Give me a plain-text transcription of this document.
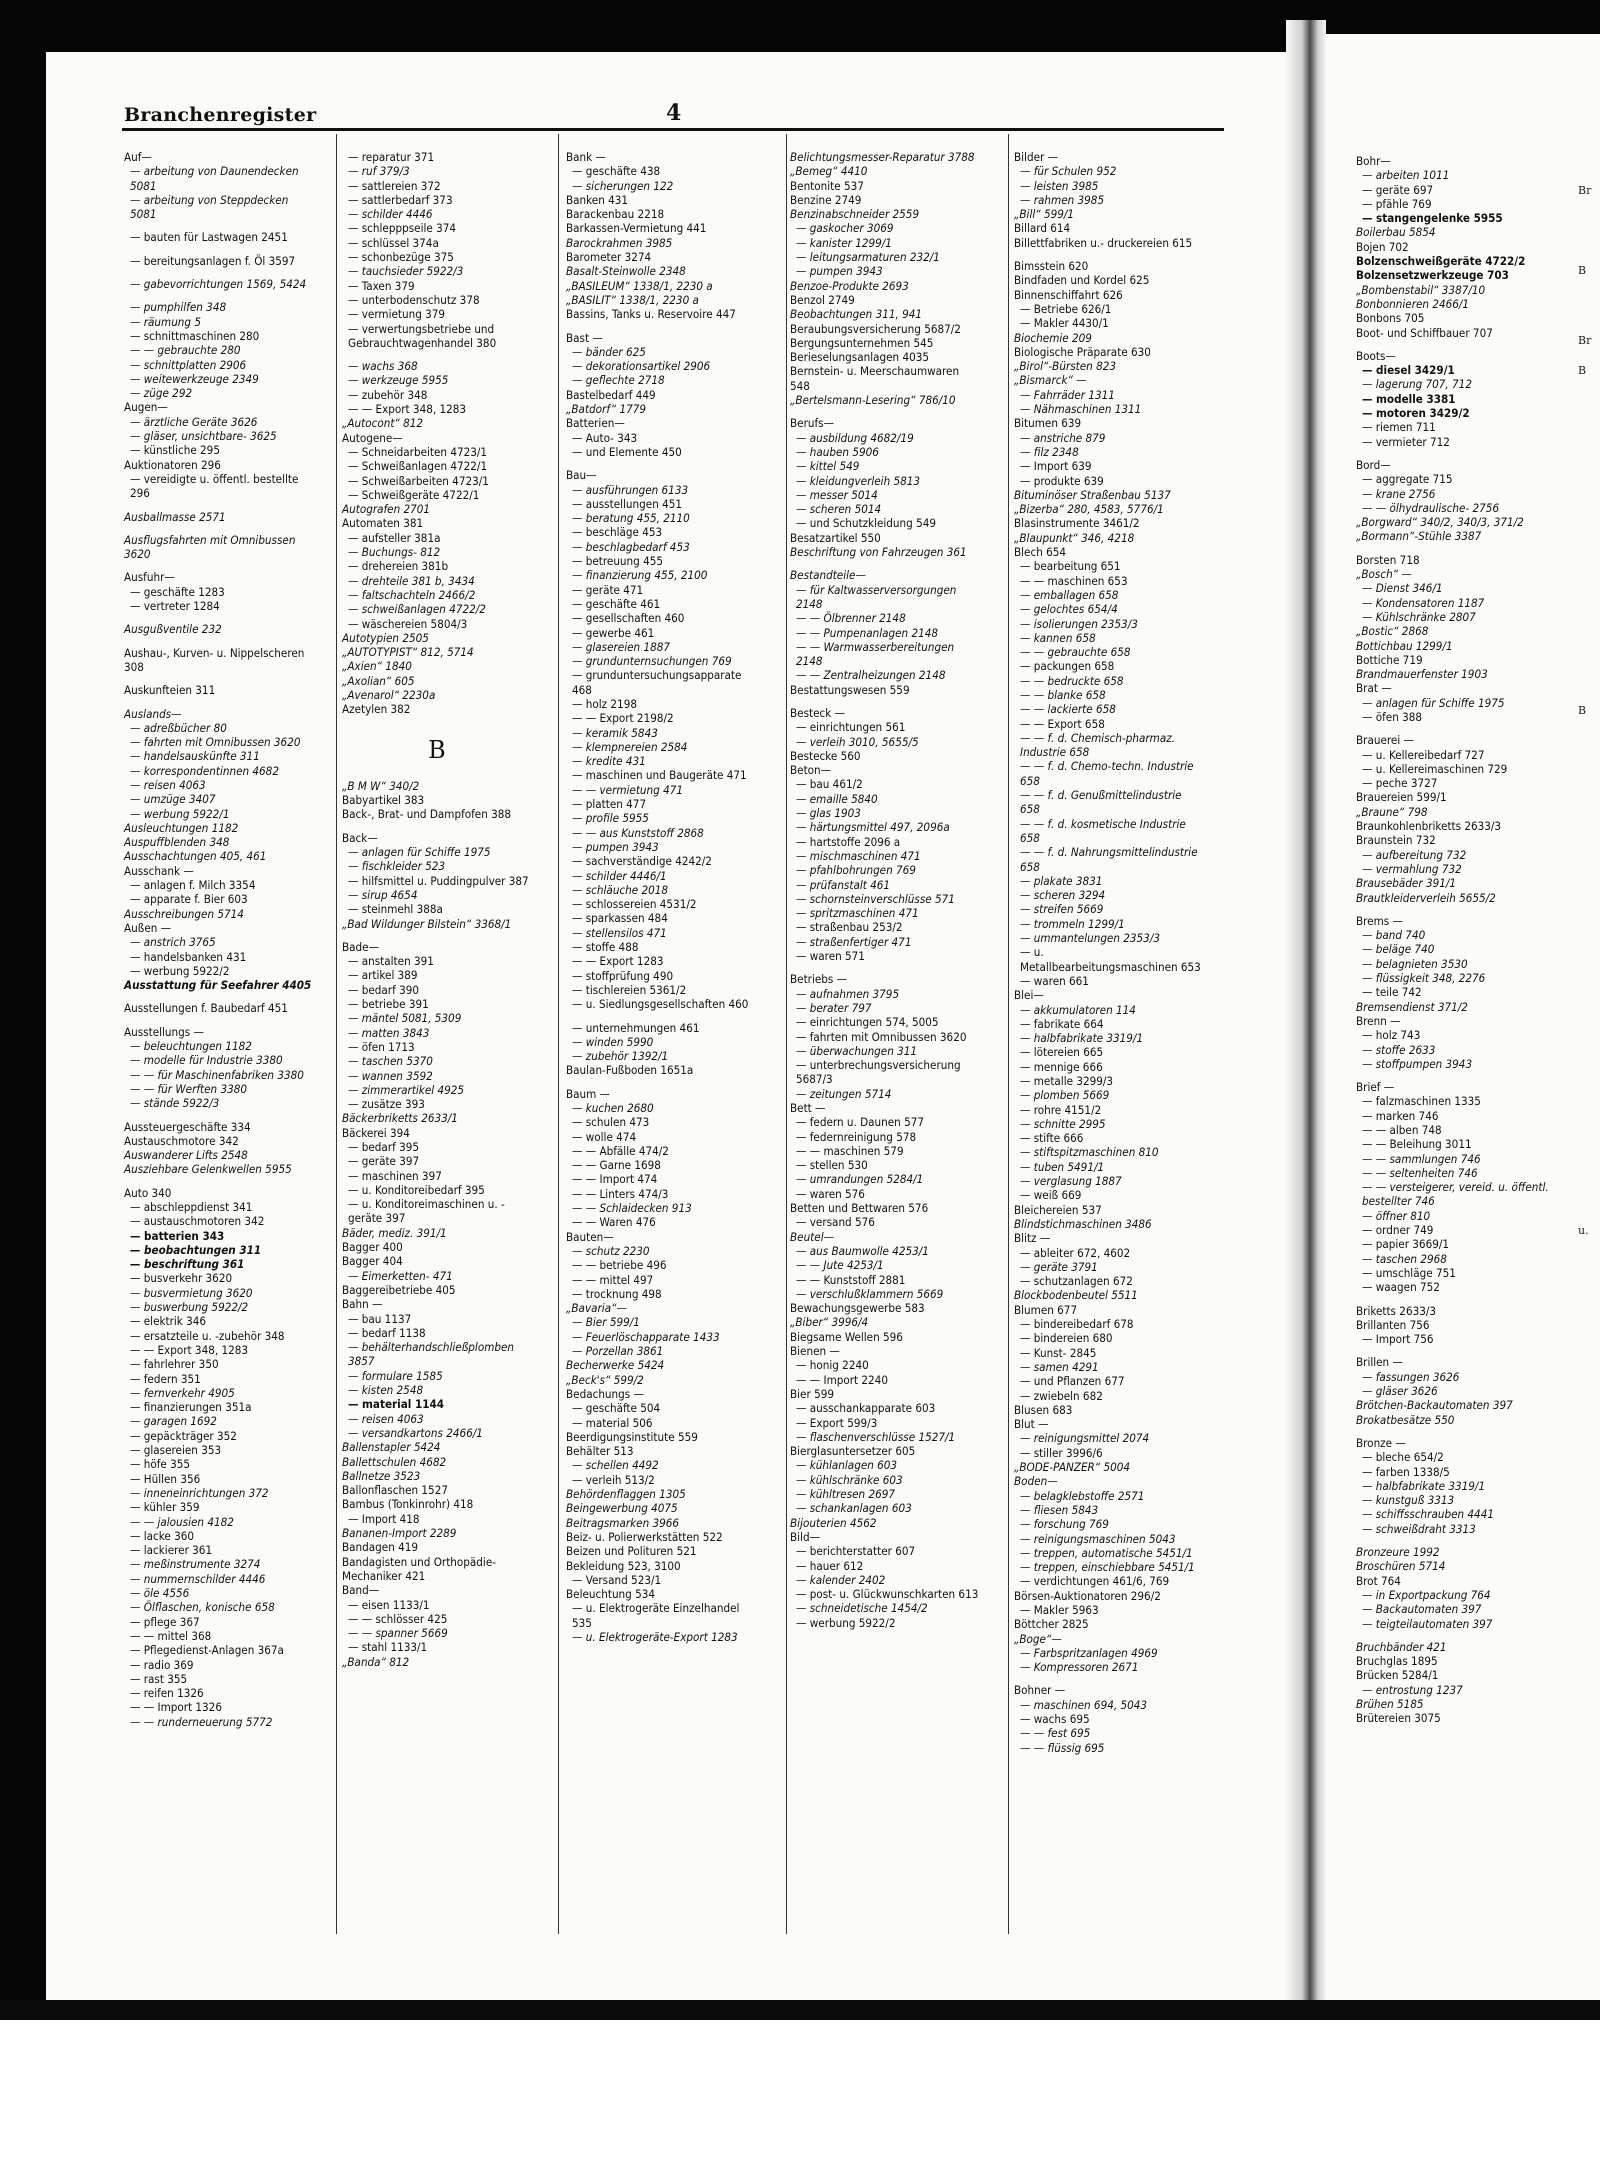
Bohr—
— arbeiten 1011
— geräte 697
— pfähle 769
— stangengelenke 5955
Boilerbau 5854
Bojen 702
Bolzenschweißgeräte 4722/2
Bolzensetzwerkzeuge 703
„Bombenstabil“ 3387/10
Bonbonnieren 2466/1
Bonbons 705
Boot- und Schiffbauer 707
Boots—
— diesel 3429/1
— lagerung 707, 712
— modelle 3381
— motoren 3429/2
— riemen 711
— vermieter 712
Bord—
— aggregate 715
— krane 2756
— — ölhydraulische- 2756
„Borgward“ 340/2, 340/3, 371/2
„Bormann“-Stühle 3387
Borsten 718
„Bosch“ —
— Dienst 346/1
— Kondensatoren 1187
— Kühlschränke 2807
„Bostic“ 2868
Bottichbau 1299/1
Bottiche 719
Brandmauerfenster 1903
Brat —
— anlagen für Schiffe 1975
— öfen 388
Brauerei —
— u. Kellereibedarf 727
— u. Kellereimaschinen 729
— peche 3727
Brauereien 599/1
„Braune“ 798
Braunkohlenbriketts 2633/3
Braunstein 732
— aufbereitung 732
— vermahlung 732
Brausebäder 391/1
Brautkleiderverleih 5655/2
Brems —
— band 740
— beläge 740
— belagnieten 3530
— flüssigkeit 348, 2276
— teile 742
Bremsendienst 371/2
Brenn —
— holz 743
— stoffe 2633
— stoffpumpen 3943
Brief —
— falzmaschinen 1335
— marken 746
— — alben 748
— — Beleihung 3011
— — sammlungen 746
— — seltenheiten 746
— — versteigerer, vereid. u. öffentl. bestellter 746
— öffner 810
— ordner 749
— papier 3669/1
— taschen 2968
— umschläge 751
— waagen 752
Briketts 2633/3
Brillanten 756
— Import 756
Brillen —
— fassungen 3626
— gläser 3626
Brötchen-Backautomaten 397
Brokatbesätze 550
Bronze —
— bleche 654/2
— farben 1338/5
— halbfabrikate 3319/1
— kunstguß 3313
— schiffsschrauben 4441
— schweißdraht 3313
Bronzeure 1992
Broschüren 5714
Brot 764
— in Exportpackung 764
— Backautomaten 397
— teigteilautomaten 397
Bruchbänder 421
Bruchglas 1895
Brücken 5284/1
— entrostung 1237
Brühen 5185
Brütereien 3075
Br
B
Br
B
B
u.
Branchenregister	4
Auf—
— arbeitung von Daunendecken 5081
— arbeitung von Steppdecken 5081
— bauten für Lastwagen 2451
— bereitungsanlagen f. Öl 3597
— gabevorrichtungen 1569, 5424
— pumphilfen 348
— räumung 5
— schnittmaschinen 280
— — gebrauchte 280
— schnittplatten 2906
— weitewerkzeuge 2349
— züge 292
Augen—
— ärztliche Geräte 3626
— gläser, unsichtbare- 3625
— künstliche 295
Auktionatoren 296
— vereidigte u. öffentl. bestellte 296
Ausballmasse 2571
Ausflugsfahrten mit Omnibussen 3620
Ausfuhr—
— geschäfte 1283
— vertreter 1284
Ausgußventile 232
Aushau-, Kurven- u. Nippelscheren 308
Auskunfteien 311
Auslands—
— adreßbücher 80
— fahrten mit Omnibussen 3620
— handelsauskünfte 311
— korrespondentinnen 4682
— reisen 4063
— umzüge 3407
— werbung 5922/1
Ausleuchtungen 1182
Auspuffblenden 348
Ausschachtungen 405, 461
Ausschank —
— anlagen f. Milch 3354
— apparate f. Bier 603
Ausschreibungen 5714
Außen —
— anstrich 3765
— handelsbanken 431
— werbung 5922/2
Ausstattung für Seefahrer 4405
Ausstellungen f. Baubedarf 451
Ausstellungs —
— beleuchtungen 1182
— modelle für Industrie 3380
— — für Maschinenfabriken 3380
— — für Werften 3380
— stände 5922/3
Aussteuergeschäfte 334
Austauschmotore 342
Auswanderer Lifts 2548
Ausziehbare Gelenkwellen 5955
Auto 340
— abschleppdienst 341
— austauschmotoren 342
— batterien 343
— beobachtungen 311
— beschriftung 361
— busverkehr 3620
— busvermietung 3620
— buswerbung 5922/2
— elektrik 346
— ersatzteile u. -zubehör 348
— — Export 348, 1283
— fahrlehrer 350
— federn 351
— fernverkehr 4905
— finanzierungen 351a
— garagen 1692
— gepäckträger 352
— glasereien 353
— höfe 355
— Hüllen 356
— inneneinrichtungen 372
— kühler 359
— — jalousien 4182
— lacke 360
— lackierer 361
— meßinstrumente 3274
— nummernschilder 4446
— öle 4556
— Ölflaschen, konische 658
— pflege 367
— — mittel 368
— Pflegedienst-Anlagen 367a
— radio 369
— rast 355
— reifen 1326
— — Import 1326
— — runderneuerung 5772
— reparatur 371
— ruf 379/3
— sattlereien 372
— sattlerbedarf 373
— schilder 4446
— schlepppseile 374
— schlüssel 374a
— schonbezüge 375
— tauchsieder 5922/3
— Taxen 379
— unterbodenschutz 378
— vermietung 379
— verwertungsbetriebe und Gebrauchtwagenhandel 380
— wachs 368
— werkzeuge 5955
— zubehör 348
— — Export 348, 1283
„Autocont“ 812
Autogene—
— Schneidarbeiten 4723/1
— Schweißanlagen 4722/1
— Schweißarbeiten 4723/1
— Schweißgeräte 4722/1
Autografen 2701
Automaten 381
— aufsteller 381a
— Buchungs- 812
— drehereien 381b
— drehteile 381 b, 3434
— faltschachteln 2466/2
— schweißanlagen 4722/2
— wäschereien 5804/3
Autotypien 2505
„AUTOTYPIST“ 812, 5714
„Axien“ 1840
„Axolian“ 605
„Avenarol“ 2230a
Azetylen 382
B
„B M W“ 340/2
Babyartikel 383
Back-, Brat- und Dampfofen 388
Back—
— anlagen für Schiffe 1975
— fischkleider 523
— hilfsmittel u. Puddingpulver 387
— sirup 4654
— steinmehl 388a
„Bad Wildunger Bilstein“ 3368/1
Bade—
— anstalten 391
— artikel 389
— bedarf 390
— betriebe 391
— mäntel 5081, 5309
— matten 3843
— öfen 1713
— taschen 5370
— wannen 3592
— zimmerartikel 4925
— zusätze 393
Bäckerbriketts 2633/1
Bäckerei 394
— bedarf 395
— geräte 397
— maschinen 397
— u. Konditoreibedarf 395
— u. Konditoreimaschinen u. -geräte 397
Bäder, mediz. 391/1
Bagger 400
Bagger 404
— Eimerketten- 471
Baggereibetriebe 405
Bahn —
— bau 1137
— bedarf 1138
— behälterhandschließplomben 3857
— formulare 1585
— kisten 2548
— material 1144
— reisen 4063
— versandkartons 2466/1
Ballenstapler 5424
Ballettschulen 4682
Ballnetze 3523
Ballonflaschen 1527
Bambus (Tonkinrohr) 418
— Import 418
Bananen-Import 2289
Bandagen 419
Bandagisten und Orthopädie-Mechaniker 421
Band—
— eisen 1133/1
— — schlösser 425
— — spanner 5669
— stahl 1133/1
„Banda“ 812
Bank —
— geschäfte 438
— sicherungen 122
Banken 431
Barackenbau 2218
Barkassen-Vermietung 441
Barockrahmen 3985
Barometer 3274
Basalt-Steinwolle 2348
„BASILEUM“ 1338/1, 2230 a
„BASILIT“ 1338/1, 2230 a
Bassins, Tanks u. Reservoire 447
Bast —
— bänder 625
— dekorationsartikel 2906
— geflechte 2718
Bastelbedarf 449
„Batdorf“ 1779
Batterien—
— Auto- 343
— und Elemente 450
Bau—
— ausführungen 6133
— ausstellungen 451
— beratung 455, 2110
— beschläge 453
— beschlagbedarf 453
— betreuung 455
— finanzierung 455, 2100
— geräte 471
— geschäfte 461
— gesellschaften 460
— gewerbe 461
— glasereien 1887
— grundunternsuchungen 769
— grunduntersuchungsapparate 468
— holz 2198
— — Export 2198/2
— keramik 5843
— klempnereien 2584
— kredite 431
— maschinen und Baugeräte 471
— — vermietung 471
— platten 477
— profile 5955
— — aus Kunststoff 2868
— pumpen 3943
— sachverständige 4242/2
— schilder 4446/1
— schläuche 2018
— schlossereien 4531/2
— sparkassen 484
— stellensilos 471
— stoffe 488
— — Export 1283
— stoffprüfung 490
— tischlereien 5361/2
— u. Siedlungsgesellschaften 460
— unternehmungen 461
— winden 5990
— zubehör 1392/1
Baulan-Fußboden 1651a
Baum —
— kuchen 2680
— schulen 473
— wolle 474
— — Abfälle 474/2
— — Garne 1698
— — Import 474
— — Linters 474/3
— — Schlaidecken 913
— — Waren 476
Bauten—
— schutz 2230
— — betriebe 496
— — mittel 497
— trocknung 498
„Bavaria“—
— Bier 599/1
— Feuerlöschapparate 1433
— Porzellan 3861
Becherwerke 5424
„Beck's“ 599/2
Bedachungs —
— geschäfte 504
— material 506
Beerdigungsinstitute 559
Behälter 513
— schellen 4492
— verleih 513/2
Behördenflaggen 1305
Beingewerbung 4075
Beitragsmarken 3966
Beiz- u. Polierwerkstätten 522
Beizen und Polituren 521
Bekleidung 523, 3100
— Versand 523/1
Beleuchtung 534
— u. Elektrogeräte Einzelhandel 535
— u. Elektrogeräte-Export 1283
Belichtungsmesser-Reparatur 3788
„Bemeg“ 4410
Bentonite 537
Benzine 2749
Benzinabschneider 2559
— gaskocher 3069
— kanister 1299/1
— leitungsarmaturen 232/1
— pumpen 3943
Benzoe-Produkte 2693
Benzol 2749
Beobachtungen 311, 941
Beraubungsversicherung 5687/2
Bergungsunternehmen 545
Berieselungsanlagen 4035
Bernstein- u. Meerschaumwaren 548
„Bertelsmann-Lesering“ 786/10
Berufs—
— ausbildung 4682/19
— hauben 5906
— kittel 549
— kleidungverleih 5813
— messer 5014
— scheren 5014
— und Schutzkleidung 549
Besatzartikel 550
Beschriftung von Fahrzeugen 361
Bestandteile—
— für Kaltwasserversorgungen 2148
— — Ölbrenner 2148
— — Pumpenanlagen 2148
— — Warmwasserbereitungen 2148
— — Zentralheizungen 2148
Bestattungswesen 559
Besteck —
— einrichtungen 561
— verleih 3010, 5655/5
Bestecke 560
Beton—
— bau 461/2
— emaille 5840
— glas 1903
— härtungsmittel 497, 2096a
— hartstoffe 2096 a
— mischmaschinen 471
— pfahlbohrungen 769
— prüfanstalt 461
— schornsteinverschlüsse 571
— spritzmaschinen 471
— straßenbau 253/2
— straßenfertiger 471
— waren 571
Betriebs —
— aufnahmen 3795
— berater 797
— einrichtungen 574, 5005
— fahrten mit Omnibussen 3620
— überwachungen 311
— unterbrechungsversicherung 5687/3
— zeitungen 5714
Bett —
— federn u. Daunen 577
— federnreinigung 578
— — maschinen 579
— stellen 530
— umrandungen 5284/1
— waren 576
Betten und Bettwaren 576
— versand 576
Beutel—
— aus Baumwolle 4253/1
— — Jute 4253/1
— — Kunststoff 2881
— verschlußklammern 5669
Bewachungsgewerbe 583
„Biber“ 3996/4
Biegsame Wellen 596
Bienen —
— honig 2240
— — Import 2240
Bier 599
— ausschankapparate 603
— Export 599/3
— flaschenverschlüsse 1527/1
Bierglasuntersetzer 605
— kühlanlagen 603
— kühlschränke 603
— kühltresen 2697
— schankanlagen 603
Bijouterien 4562
Bild—
— berichterstatter 607
— hauer 612
— kalender 2402
— post- u. Glückwunschkarten 613
— schneidetische 1454/2
— werbung 5922/2
Bilder —
— für Schulen 952
— leisten 3985
— rahmen 3985
„Bill“ 599/1
Billard 614
Billettfabriken u.- druckereien 615
Bimsstein 620
Bindfaden und Kordel 625
Binnenschiffahrt 626
— Betriebe 626/1
— Makler 4430/1
Biochemie 209
Biologische Präparate 630
„Birol“-Bürsten 823
„Bismarck“ —
— Fahrräder 1311
— Nähmaschinen 1311
Bitumen 639
— anstriche 879
— filz 2348
— Import 639
— produkte 639
Bituminöser Straßenbau 5137
„Bizerba“ 280, 4583, 5776/1
Blasinstrumente 3461/2
„Blaupunkt“ 346, 4218
Blech 654
— bearbeitung 651
— — maschinen 653
— emballagen 658
— gelochtes 654/4
— isolierungen 2353/3
— kannen 658
— — gebrauchte 658
— packungen 658
— — bedruckte 658
— — blanke 658
— — lackierte 658
— — Export 658
— — f. d. Chemisch-pharmaz. Industrie 658
— — f. d. Chemo-techn. Industrie 658
— — f. d. Genußmittelindustrie 658
— — f. d. kosmetische Industrie 658
— — f. d. Nahrungsmittelindustrie 658
— plakate 3831
— scheren 3294
— streifen 5669
— trommeln 1299/1
— ummantelungen 2353/3
— u. Metallbearbeitungsmaschinen 653
— waren 661
Blei—
— akkumulatoren 114
— fabrikate 664
— halbfabrikate 3319/1
— lötereien 665
— mennige 666
— metalle 3299/3
— plomben 5669
— rohre 4151/2
— schnitte 2995
— stifte 666
— stiftspitzmaschinen 810
— tuben 5491/1
— verglasung 1887
— weiß 669
Bleichereien 537
Blindstichmaschinen 3486
Blitz —
— ableiter 672, 4602
— geräte 3791
— schutzanlagen 672
Blockbodenbeutel 5511
Blumen 677
— bindereibedarf 678
— bindereien 680
— Kunst- 2845
— samen 4291
— und Pflanzen 677
— zwiebeln 682
Blusen 683
Blut —
— reinigungsmittel 2074
— stiller 3996/6
„BODE-PANZER“ 5004
Boden—
— belagklebstoffe 2571
— fliesen 5843
— forschung 769
— reinigungsmaschinen 5043
— treppen, automatische 5451/1
— treppen, einschiebbare 5451/1
— verdichtungen 461/6, 769
Börsen-Auktionatoren 296/2
— Makler 5963
Böttcher 2825
„Boge“—
— Farbspritzanlagen 4969
— Kompressoren 2671
Bohner —
— maschinen 694, 5043
— wachs 695
— — fest 695
— — flüssig 695
